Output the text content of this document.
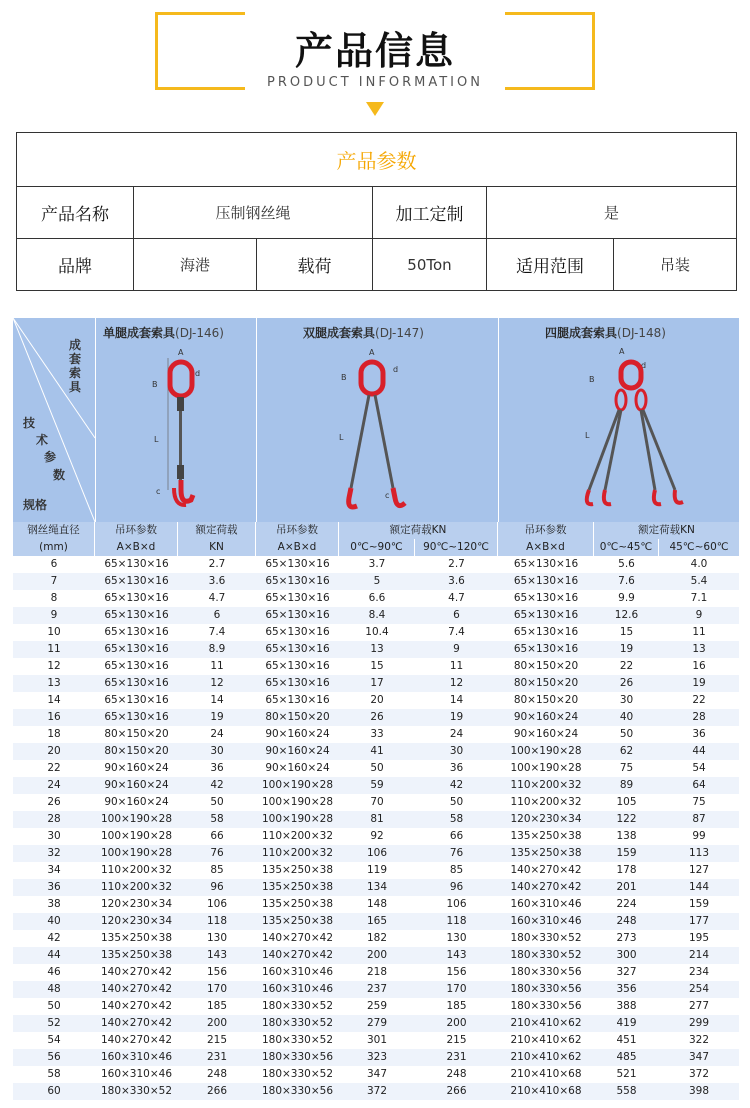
产品信息
PRODUCT INFORMATION
产品参数					
产品名称	压制钢丝绳		加工定制	是	
品牌	海港	载荷	50Ton	适用范围	吊装
成
套
索
具
技
术
参
数
规格
单腿成套索具(DJ-146)	双腿成套索具(DJ-147)	四腿成套索具(DJ-148)
B
A
d
L
c
B
A
d
L
c
B
A
d
L
钢丝绳直径	吊环参数	额定荷载	吊环参数	额定荷载KN	吊环参数	额定荷载KN
(mm)	A×B×d	KN	A×B×d	0℃~90℃	90℃~120℃	A×B×d	0℃~45℃	45℃~60℃
6	65×130×16	2.7	65×130×16	3.7	2.7	65×130×16	5.6	4.0
7	65×130×16	3.6	65×130×16	5	3.6	65×130×16	7.6	5.4
8	65×130×16	4.7	65×130×16	6.6	4.7	65×130×16	9.9	7.1
9	65×130×16	6	65×130×16	8.4	6	65×130×16	12.6	9
10	65×130×16	7.4	65×130×16	10.4	7.4	65×130×16	15	11
11	65×130×16	8.9	65×130×16	13	9	65×130×16	19	13
12	65×130×16	11	65×130×16	15	11	80×150×20	22	16
13	65×130×16	12	65×130×16	17	12	80×150×20	26	19
14	65×130×16	14	65×130×16	20	14	80×150×20	30	22
16	65×130×16	19	80×150×20	26	19	90×160×24	40	28
18	80×150×20	24	90×160×24	33	24	90×160×24	50	36
20	80×150×20	30	90×160×24	41	30	100×190×28	62	44
22	90×160×24	36	90×160×24	50	36	100×190×28	75	54
24	90×160×24	42	100×190×28	59	42	110×200×32	89	64
26	90×160×24	50	100×190×28	70	50	110×200×32	105	75
28	100×190×28	58	100×190×28	81	58	120×230×34	122	87
30	100×190×28	66	110×200×32	92	66	135×250×38	138	99
32	100×190×28	76	110×200×32	106	76	135×250×38	159	113
34	110×200×32	85	135×250×38	119	85	140×270×42	178	127
36	110×200×32	96	135×250×38	134	96	140×270×42	201	144
38	120×230×34	106	135×250×38	148	106	160×310×46	224	159
40	120×230×34	118	135×250×38	165	118	160×310×46	248	177
42	135×250×38	130	140×270×42	182	130	180×330×52	273	195
44	135×250×38	143	140×270×42	200	143	180×330×52	300	214
46	140×270×42	156	160×310×46	218	156	180×330×56	327	234
48	140×270×42	170	160×310×46	237	170	180×330×56	356	254
50	140×270×42	185	180×330×52	259	185	180×330×56	388	277
52	140×270×42	200	180×330×52	279	200	210×410×62	419	299
54	140×270×42	215	180×330×52	301	215	210×410×62	451	322
56	160×310×46	231	180×330×56	323	231	210×410×62	485	347
58	160×310×46	248	180×330×52	347	248	210×410×68	521	372
60	180×330×52	266	180×330×56	372	266	210×410×68	558	398
